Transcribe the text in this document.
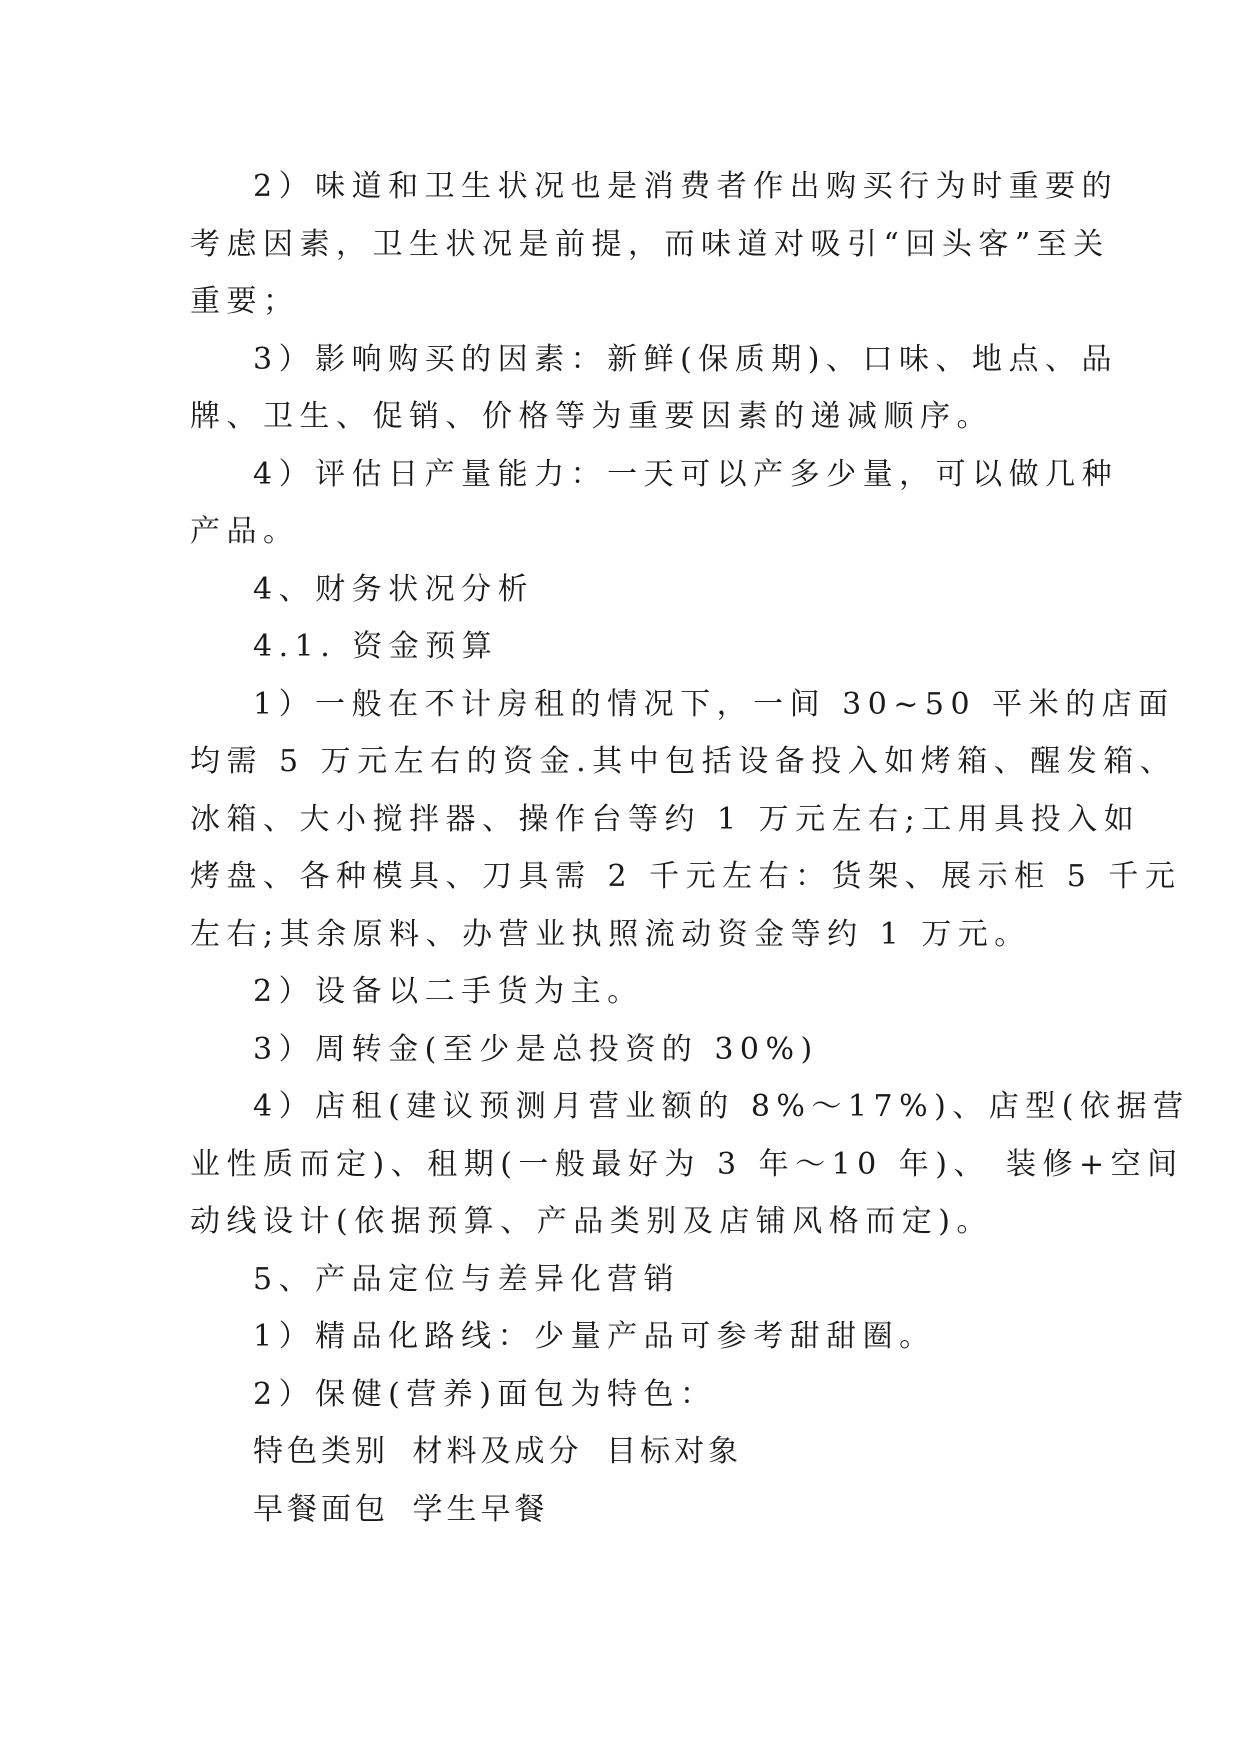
2）味道和卫生状况也是消费者作出购买行为时重要的
考虑因素，卫生状况是前提，而味道对吸引“回头客”至关
重要；
3）影响购买的因素：新鲜(保质期)、口味、地点、品
牌、卫生、促销、价格等为重要因素的递减顺序。
4）评估日产量能力：一天可以产多少量，可以做几种
产品。
4、财务状况分析
4.1. 资金预算
1）一般在不计房租的情况下，一间 30~50 平米的店面
均需 5 万元左右的资金.其中包括设备投入如烤箱、醒发箱、
冰箱、大小搅拌器、操作台等约 1 万元左右;工用具投入如
烤盘、各种模具、刀具需 2 千元左右：货架、展示柜 5 千元
左右;其余原料、办营业执照流动资金等约 1 万元。
2）设备以二手货为主。
3）周转金(至少是总投资的 30%)
4）店租(建议预测月营业额的 8%～17%)、店型(依据营
业性质而定)、租期(一般最好为 3 年～10 年)、 装修+空间
动线设计(依据预算、产品类别及店铺风格而定)。
5、产品定位与差异化营销
1）精品化路线：少量产品可参考甜甜圈。
2）保健(营养)面包为特色：
特色类别 材料及成分 目标对象
早餐面包 学生早餐
